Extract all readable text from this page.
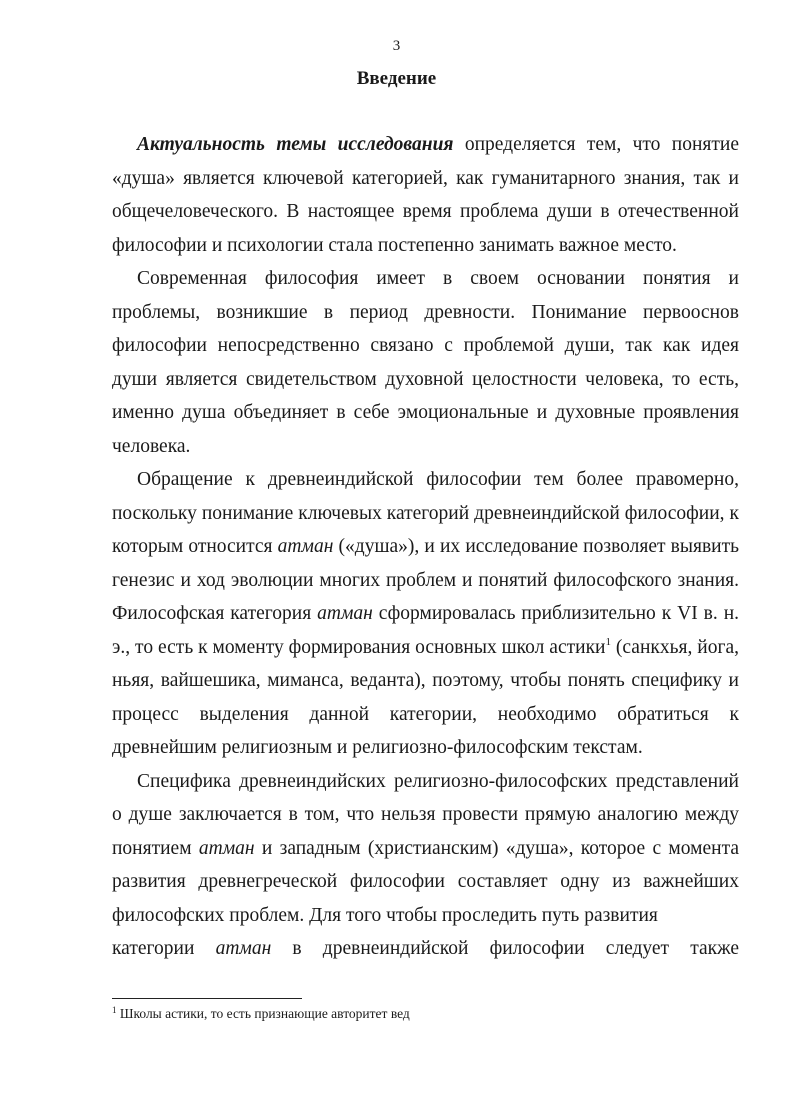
3
Введение

Актуальность темы исследования определяется тем, что понятие «душа» является ключевой категорией, как гуманитарного знания, так и общечеловеческого. В настоящее время проблема души в отечественной философии и психологии стала постепенно занимать важное место.

Современная философия имеет в своем основании понятия и проблемы, возникшие в период древности. Понимание первооснов философии непосредственно связано с проблемой души, так как идея души является свидетельством духовной целостности человека, то есть, именно душа объединяет в себе эмоциональные и духовные проявления человека.

Обращение к древнеиндийской философии тем более правомерно, поскольку понимание ключевых категорий древнеиндийской философии, к которым относится атман («душа»), и их исследование позволяет выявить генезис и ход эволюции многих проблем и понятий философского знания. Философская категория атман сформировалась приблизительно к VI в. н. э., то есть к моменту формирования основных школ астики$^1$ (санкхья, йога, ньяя, вайшешика, миманса, веданта), поэтому, чтобы понять специфику и процесс выделения данной категории, необходимо обратиться к древнейшим религиозным и религиозно-философским текстам.

Специфика древнеиндийских религиозно-философских представлений о душе заключается в том, что нельзя провести прямую аналогию между понятием атман и западным (христианским) «душа», которое с момента развития древнегреческой философии составляет одну из важнейших философских проблем. Для того чтобы проследить путь развития
категории атман в древнеиндийской философии следует также

$^1$ Школы астики, то есть признающие авторитет вед
